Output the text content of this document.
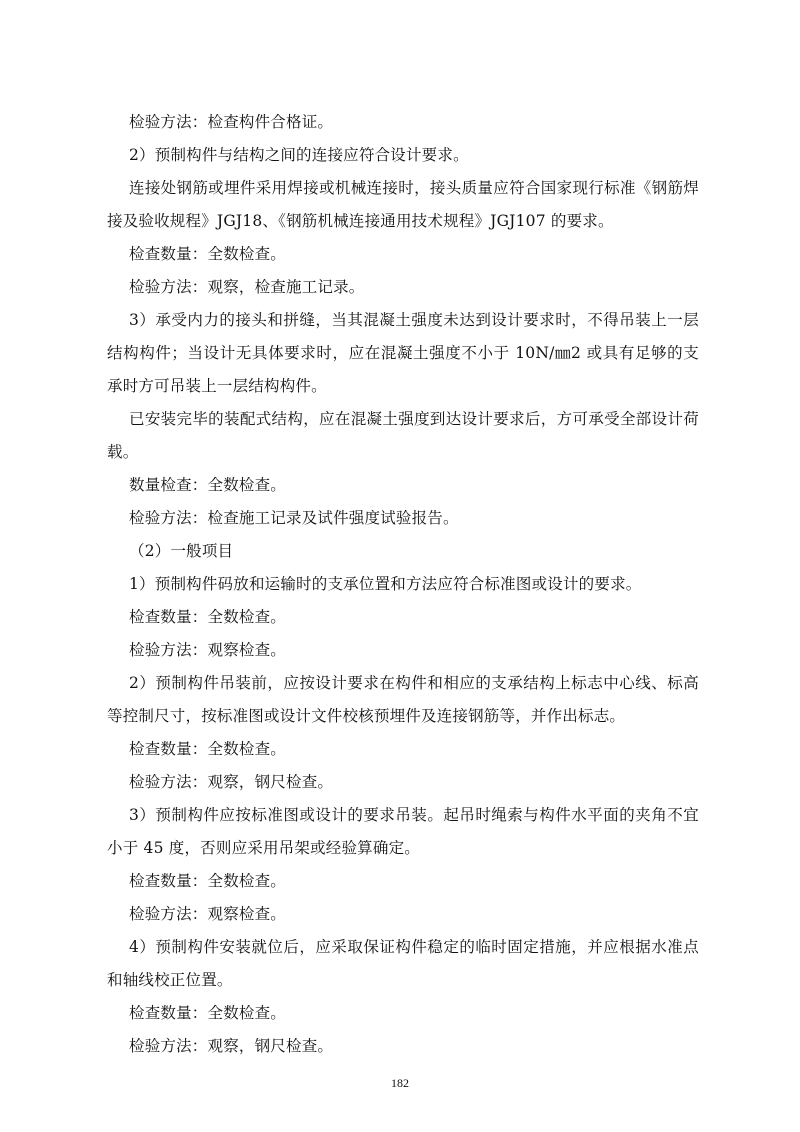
检验方法：检查构件合格证。

2）预制构件与结构之间的连接应符合设计要求。

连接处钢筋或埋件采用焊接或机械连接时，接头质量应符合国家现行标准《钢筋焊接及验收规程》JGJ18、《钢筋机械连接通用技术规程》JGJ107 的要求。

检查数量：全数检查。

检验方法：观察，检查施工记录。

3）承受内力的接头和拼缝，当其混凝土强度未达到设计要求时，不得吊装上一层结构构件；当设计无具体要求时，应在混凝土强度不小于 10N/㎜2 或具有足够的支承时方可吊装上一层结构构件。

已安装完毕的装配式结构，应在混凝土强度到达设计要求后，方可承受全部设计荷载。

数量检查：全数检查。

检验方法：检查施工记录及试件强度试验报告。

（2）一般项目

1）预制构件码放和运输时的支承位置和方法应符合标准图或设计的要求。

检查数量：全数检查。

检验方法：观察检查。

2）预制构件吊装前，应按设计要求在构件和相应的支承结构上标志中心线、标高等控制尺寸，按标准图或设计文件校核预埋件及连接钢筋等，并作出标志。

检查数量：全数检查。

检验方法：观察，钢尺检查。

3）预制构件应按标准图或设计的要求吊装。起吊时绳索与构件水平面的夹角不宜小于 45 度，否则应采用吊架或经验算确定。

检查数量：全数检查。

检验方法：观察检查。

4）预制构件安装就位后，应采取保证构件稳定的临时固定措施，并应根据水准点和轴线校正位置。

检查数量：全数检查。

检验方法：观察，钢尺检查。

182
